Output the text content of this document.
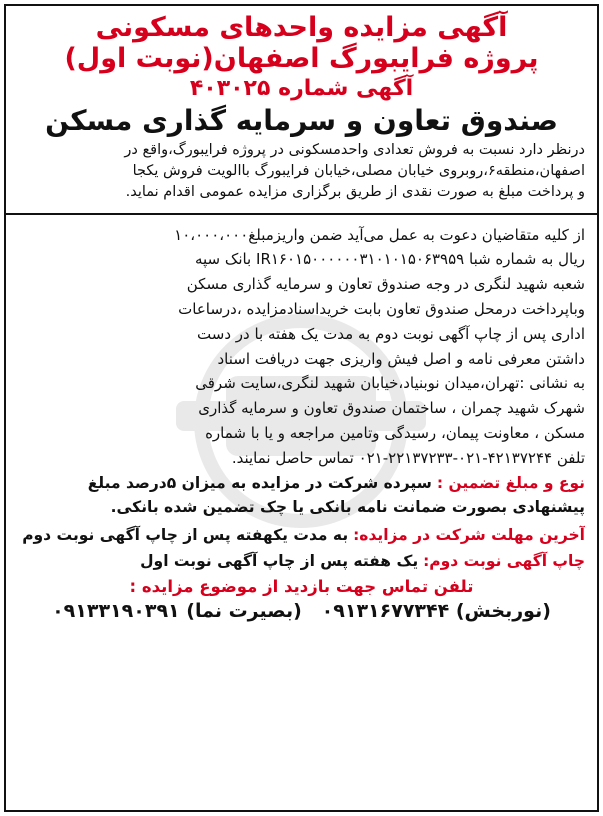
آگهی مزایده واحدهای مسکونی
پروژه فرایبورگ اصفهان(نوبت اول)
آگهی شماره ۴۰۳۰۲۵
صندوق تعاون و سرمایه گذاری مسکن
درنظر دارد نسبت به فروش تعدادی واحدمسکونی در پروژه فرایبورگ،واقع در
اصفهان،منطقه۶،روبروی خیابان مصلی،خیابان فرایبورگ باالویت فروش یکجا
و پرداخت مبلغ به صورت نقدی از طریق برگزاری مزایده عمومی اقدام نماید.
از کلیه متقاضیان دعوت به عمل می‌آید ضمن واریزمبلغ۱۰،۰۰۰،۰۰۰
ریال به شماره شبا IR۱۶۰۱۵۰۰۰۰۰۰۳۱۰۱۰۱۵۰۶۳۹۵۹ بانک سپه
شعبه شهید لنگری در وجه صندوق تعاون و سرمایه گذاری مسکن
وباپرداخت درمحل صندوق تعاون بابت خریداسنادمزایده ،درساعات
اداری پس از چاپ آگهی نوبت دوم به مدت یک هفته با در دست
داشتن معرفی نامه و اصل فیش واریزی جهت دریافت اسناد
به نشانی :تهران،میدان نوبنیاد،خیابان شهید لنگری،سایت شرقی
شهرک شهید چمران ، ساختمان صندوق تعاون و سرمایه گذاری
مسکن ، معاونت پیمان، رسیدگی وتامین مراجعه و یا با شماره
تلفن ۴۲۱۳۷۲۴۴-۰۲۱-۲۲۱۳۷۲۳۳-۰۲۱ تماس حاصل نمایند.
نوع و مبلغ تضمین : سپرده شرکت در مزایده به میزان ۵درصد مبلغ
پیشنهادی بصورت ضمانت نامه بانکی یا چک تضمین شده بانکی.
آخرین مهلت شرکت در مزایده: به مدت یکهفته پس از چاپ آگهی نوبت دوم
چاپ آگهی نوبت دوم: یک هفته پس از چاپ آگهی نوبت اول
تلفن تماس جهت بازدید از موضوع مزایده :
(نوربخش) ۰۹۱۳۱۶۷۷۳۴۴   (بصیرت نما) ۰۹۱۳۳۱۹۰۳۹۱
